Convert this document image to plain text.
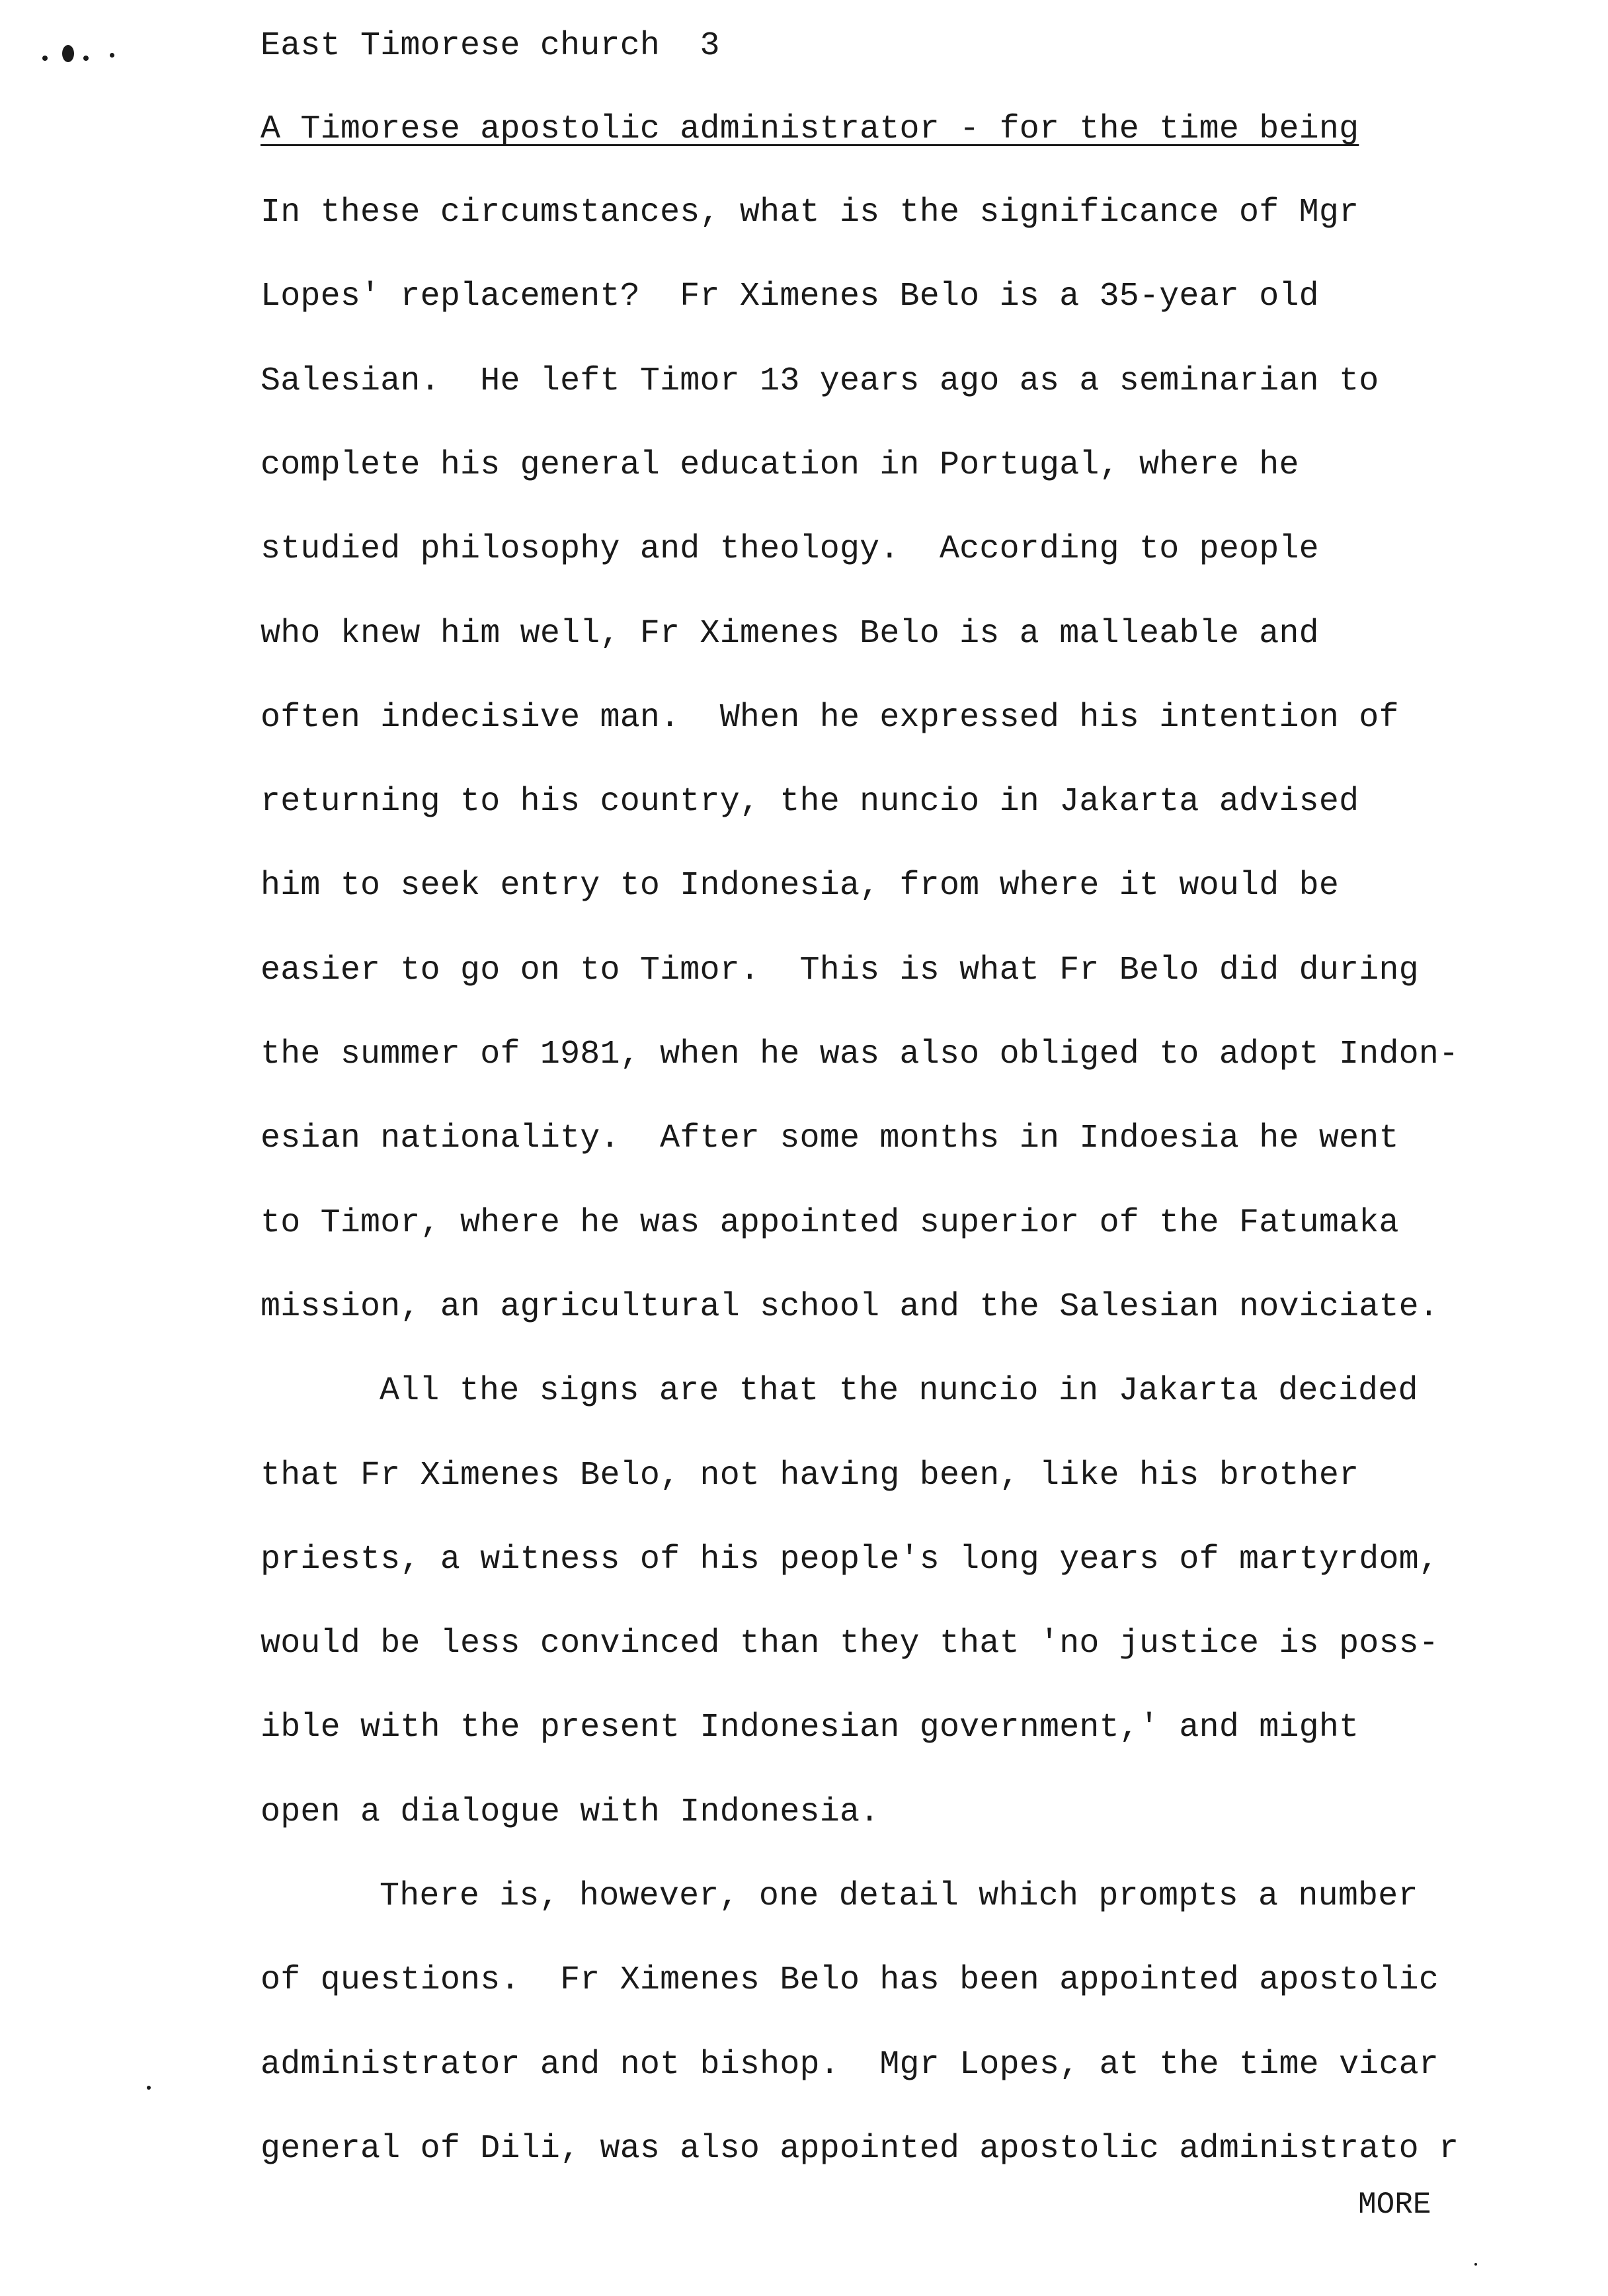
East Timorese church  3
A Timorese apostolic administrator - for the time being
In these circumstances, what is the significance of Mgr
Lopes' replacement?  Fr Ximenes Belo is a 35-year old
Salesian.  He left Timor 13 years ago as a seminarian to
complete his general education in Portugal, where he
studied philosophy and theology.  According to people
who knew him well, Fr Ximenes Belo is a malleable and
often indecisive man.  When he expressed his intention of
returning to his country, the nuncio in Jakarta advised
him to seek entry to Indonesia, from where it would be
easier to go on to Timor.  This is what Fr Belo did during
the summer of 1981, when he was also obliged to adopt Indon-
esian nationality.  After some months in Indoesia he went
to Timor, where he was appointed superior of the Fatumaka
mission, an agricultural school and the Salesian noviciate.
All the signs are that the nuncio in Jakarta decided
that Fr Ximenes Belo, not having been, like his brother
priests, a witness of his people's long years of martyrdom,
would be less convinced than they that 'no justice is poss-
ible with the present Indonesian government,' and might
open a dialogue with Indonesia.
There is, however, one detail which prompts a number
of questions.  Fr Ximenes Belo has been appointed apostolic
administrator and not bishop.  Mgr Lopes, at the time vicar
general of Dili, was also appointed apostolic administrato r
MORE
